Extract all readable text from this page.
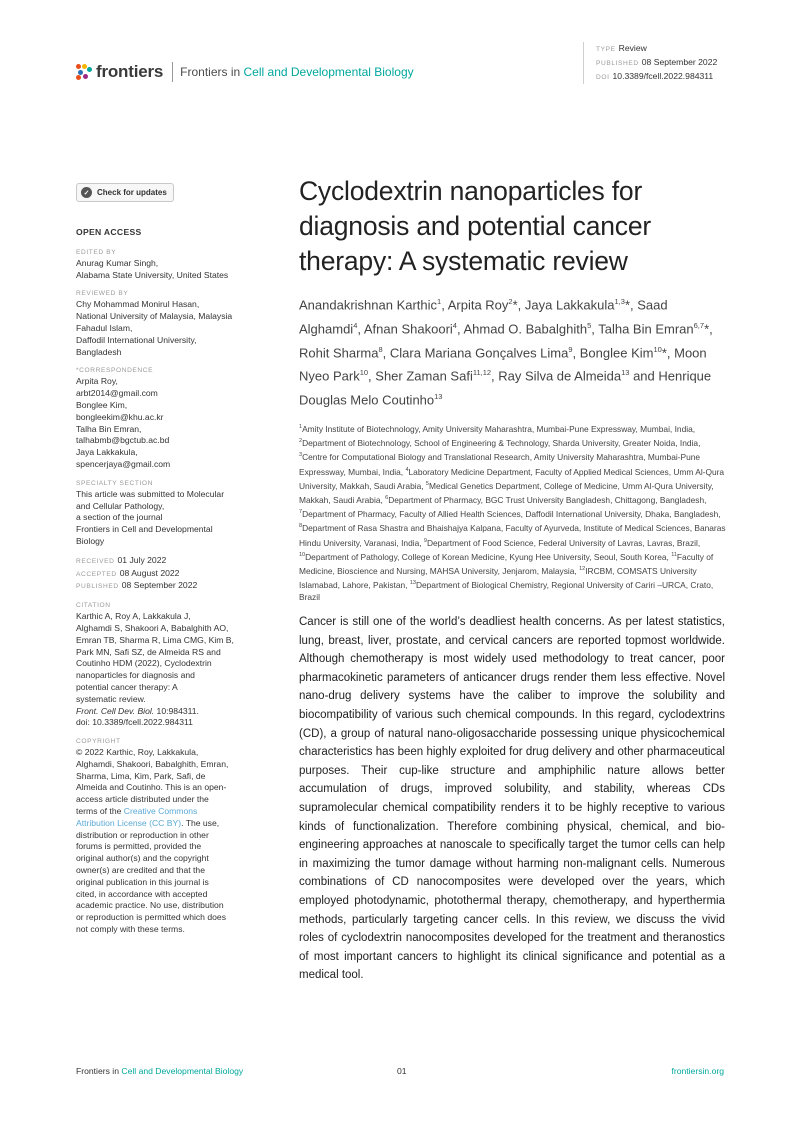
frontiers Frontiers in Cell and Developmental Biology
TYPE Review
PUBLISHED 08 September 2022
DOI 10.3389/fcell.2022.984311
✓ Check for updates
OPEN ACCESS
EDITED BY
Anurag Kumar Singh,
Alabama State University, United States
REVIEWED BY
Chy Mohammad Monirul Hasan,
National University of Malaysia, Malaysia
Fahadul Islam,
Daffodil International University,
Bangladesh
*CORRESPONDENCE
Arpita Roy,
arbt2014@gmail.com
Bonglee Kim,
bongleekim@khu.ac.kr
Talha Bin Emran,
talhabmb@bgctub.ac.bd
Jaya Lakkakula,
spencerjaya@gmail.com
SPECIALTY SECTION
This article was submitted to Molecular
and Cellular Pathology,
a section of the journal
Frontiers in Cell and Developmental
Biology
RECEIVED 01 July 2022
ACCEPTED 08 August 2022
PUBLISHED 08 September 2022
CITATION
Karthic A, Roy A, Lakkakula J,
Alghamdi S, Shakoori A, Babalghith AO,
Emran TB, Sharma R, Lima CMG, Kim B,
Park MN, Safi SZ, de Almeida RS and
Coutinho HDM (2022), Cyclodextrin
nanoparticles for diagnosis and
potential cancer therapy: A
systematic review.
Front. Cell Dev. Biol. 10:984311.
doi: 10.3389/fcell.2022.984311
COPYRIGHT
© 2022 Karthic, Roy, Lakkakula,
Alghamdi, Shakoori, Babalghith, Emran,
Sharma, Lima, Kim, Park, Safi, de
Almeida and Coutinho. This is an open-
access article distributed under the
terms of the Creative Commons
Attribution License (CC BY). The use,
distribution or reproduction in other
forums is permitted, provided the
original author(s) and the copyright
owner(s) are credited and that the
original publication in this journal is
cited, in accordance with accepted
academic practice. No use, distribution
or reproduction is permitted which does
not comply with these terms.
Cyclodextrin nanoparticles for diagnosis and potential cancer therapy: A systematic review

Anandakrishnan Karthic$^1$, Arpita Roy$^2$*, Jaya Lakkakula$^{1,3}$*, Saad Alghamdi$^4$, Afnan Shakoori$^4$, Ahmad O. Babalghith$^5$, Talha Bin Emran$^{6,7}$*, Rohit Sharma$^8$, Clara Mariana Gonçalves Lima$^9$, Bonglee Kim$^{10}$*, Moon Nyeo Park$^{10}$, Sher Zaman Safi$^{11,12}$, Ray Silva de Almeida$^{13}$ and Henrique Douglas Melo Coutinho$^{13}$

$^1$Amity Institute of Biotechnology, Amity University Maharashtra, Mumbai-Pune Expressway, Mumbai, India, $^2$Department of Biotechnology, School of Engineering & Technology, Sharda University, Greater Noida, India, $^3$Centre for Computational Biology and Translational Research, Amity University Maharashtra, Mumbai-Pune Expressway, Mumbai, India, $^4$Laboratory Medicine Department, Faculty of Applied Medical Sciences, Umm Al-Qura University, Makkah, Saudi Arabia, $^5$Medical Genetics Department, College of Medicine, Umm Al-Qura University, Makkah, Saudi Arabia, $^6$Department of Pharmacy, BGC Trust University Bangladesh, Chittagong, Bangladesh, $^7$Department of Pharmacy, Faculty of Allied Health Sciences, Daffodil International University, Dhaka, Bangladesh, $^8$Department of Rasa Shastra and Bhaishajya Kalpana, Faculty of Ayurveda, Institute of Medical Sciences, Banaras Hindu University, Varanasi, India, $^9$Department of Food Science, Federal University of Lavras, Lavras, Brazil, $^{10}$Department of Pathology, College of Korean Medicine, Kyung Hee University, Seoul, South Korea, $^{11}$Faculty of Medicine, Bioscience and Nursing, MAHSA University, Jenjarom, Malaysia, $^{12}$IRCBM, COMSATS University Islamabad, Lahore, Pakistan, $^{13}$Department of Biological Chemistry, Regional University of Cariri –URCA, Crato, Brazil

Cancer is still one of the world’s deadliest health concerns. As per latest statistics, lung, breast, liver, prostate, and cervical cancers are reported topmost worldwide. Although chemotherapy is most widely used methodology to treat cancer, poor pharmacokinetic parameters of anticancer drugs render them less effective. Novel nano-drug delivery systems have the caliber to improve the solubility and biocompatibility of various such chemical compounds. In this regard, cyclodextrins (CD), a group of natural nano-oligosaccharide possessing unique physicochemical characteristics has been highly exploited for drug delivery and other pharmaceutical purposes. Their cup-like structure and amphiphilic nature allows better accumulation of drugs, improved solubility, and stability, whereas CDs supramolecular chemical compatibility renders it to be highly receptive to various kinds of functionalization. Therefore combining physical, chemical, and bio-engineering approaches at nanoscale to specifically target the tumor cells can help in maximizing the tumor damage without harming non-malignant cells. Numerous combinations of CD nanocomposites were developed over the years, which employed photodynamic, photothermal therapy, chemotherapy, and hyperthermia methods, particularly targeting cancer cells. In this review, we discuss the vivid roles of cyclodextrin nanocomposites developed for the treatment and theranostics of most important cancers to highlight its clinical significance and potential as a medical tool.

Frontiers in Cell and Developmental Biology	01	frontiersin.org
